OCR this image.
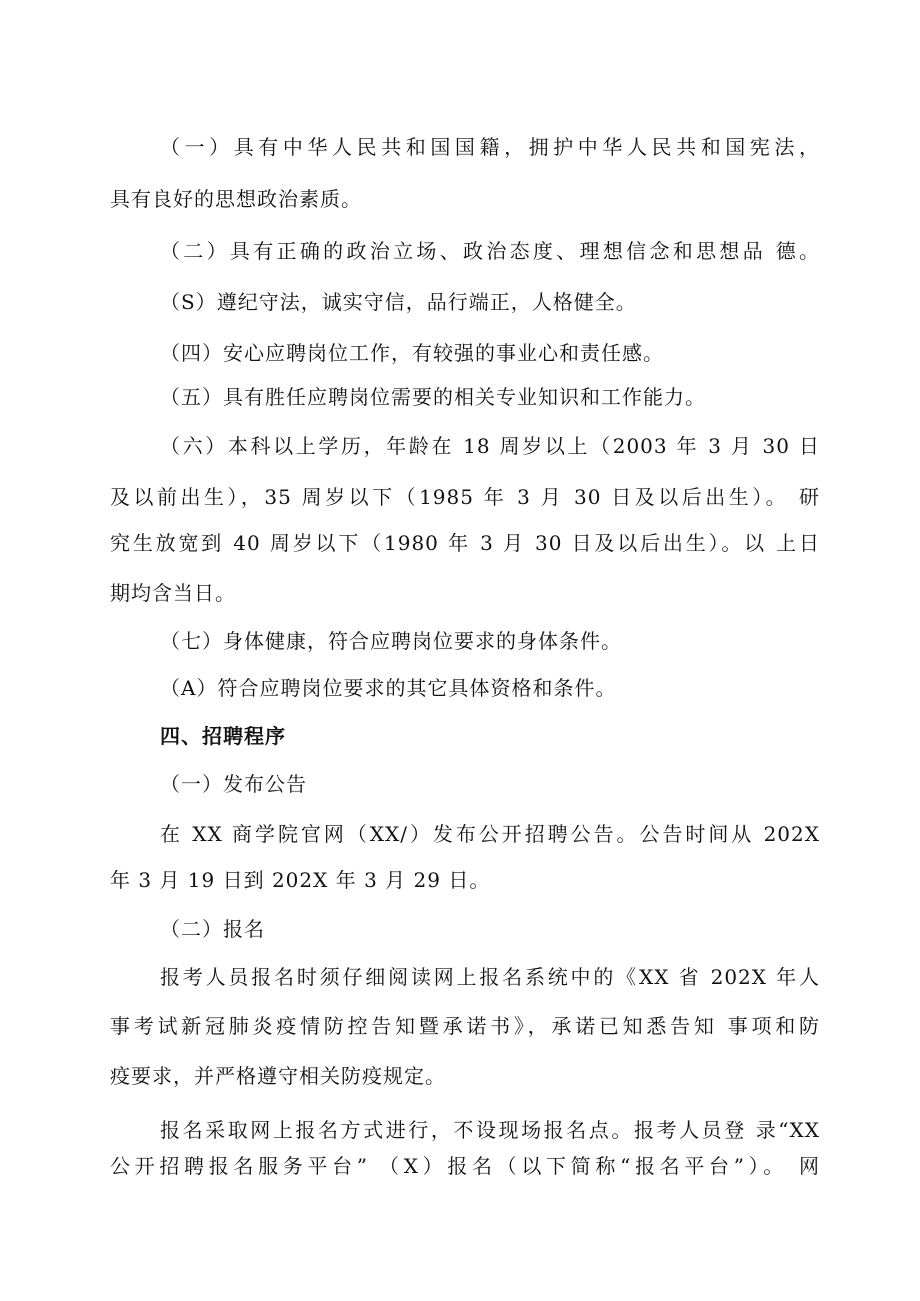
（一）具有中华人民共和国国籍，拥护中华人民共和国宪法，
具有良好的思想政治素质。
（二）具有正确的政治立场、政治态度、理想信念和思想品 德。
（S）遵纪守法，诚实守信，品行端正，人格健全。
（四）安心应聘岗位工作，有较强的事业心和责任感。
（五）具有胜任应聘岗位需要的相关专业知识和工作能力。
（六）本科以上学历，年龄在 18 周岁以上（2003 年 3 月 30 日
及以前出生），35 周岁以下（1985 年 3 月 30 日及以后出生）。 研
究生放宽到 40 周岁以下（1980 年 3 月 30 日及以后出生）。以 上日
期均含当日。
（七）身体健康，符合应聘岗位要求的身体条件。
（A）符合应聘岗位要求的其它具体资格和条件。
四、招聘程序
（一）发布公告
在 XX 商学院官网（XX/）发布公开招聘公告。公告时间从 202X
年 3 月 19 日到 202X 年 3 月 29 日。
（二）报名
报考人员报名时须仔细阅读网上报名系统中的《XX 省 202X 年人
事考试新冠肺炎疫情防控告知暨承诺书》，承诺已知悉告知 事项和防
疫要求，并严格遵守相关防疫规定。
报名采取网上报名方式进行，不设现场报名点。报考人员登 录“XX
公开招聘报名服务平台” （X）报名（以下简称“报名平台”）。 网
